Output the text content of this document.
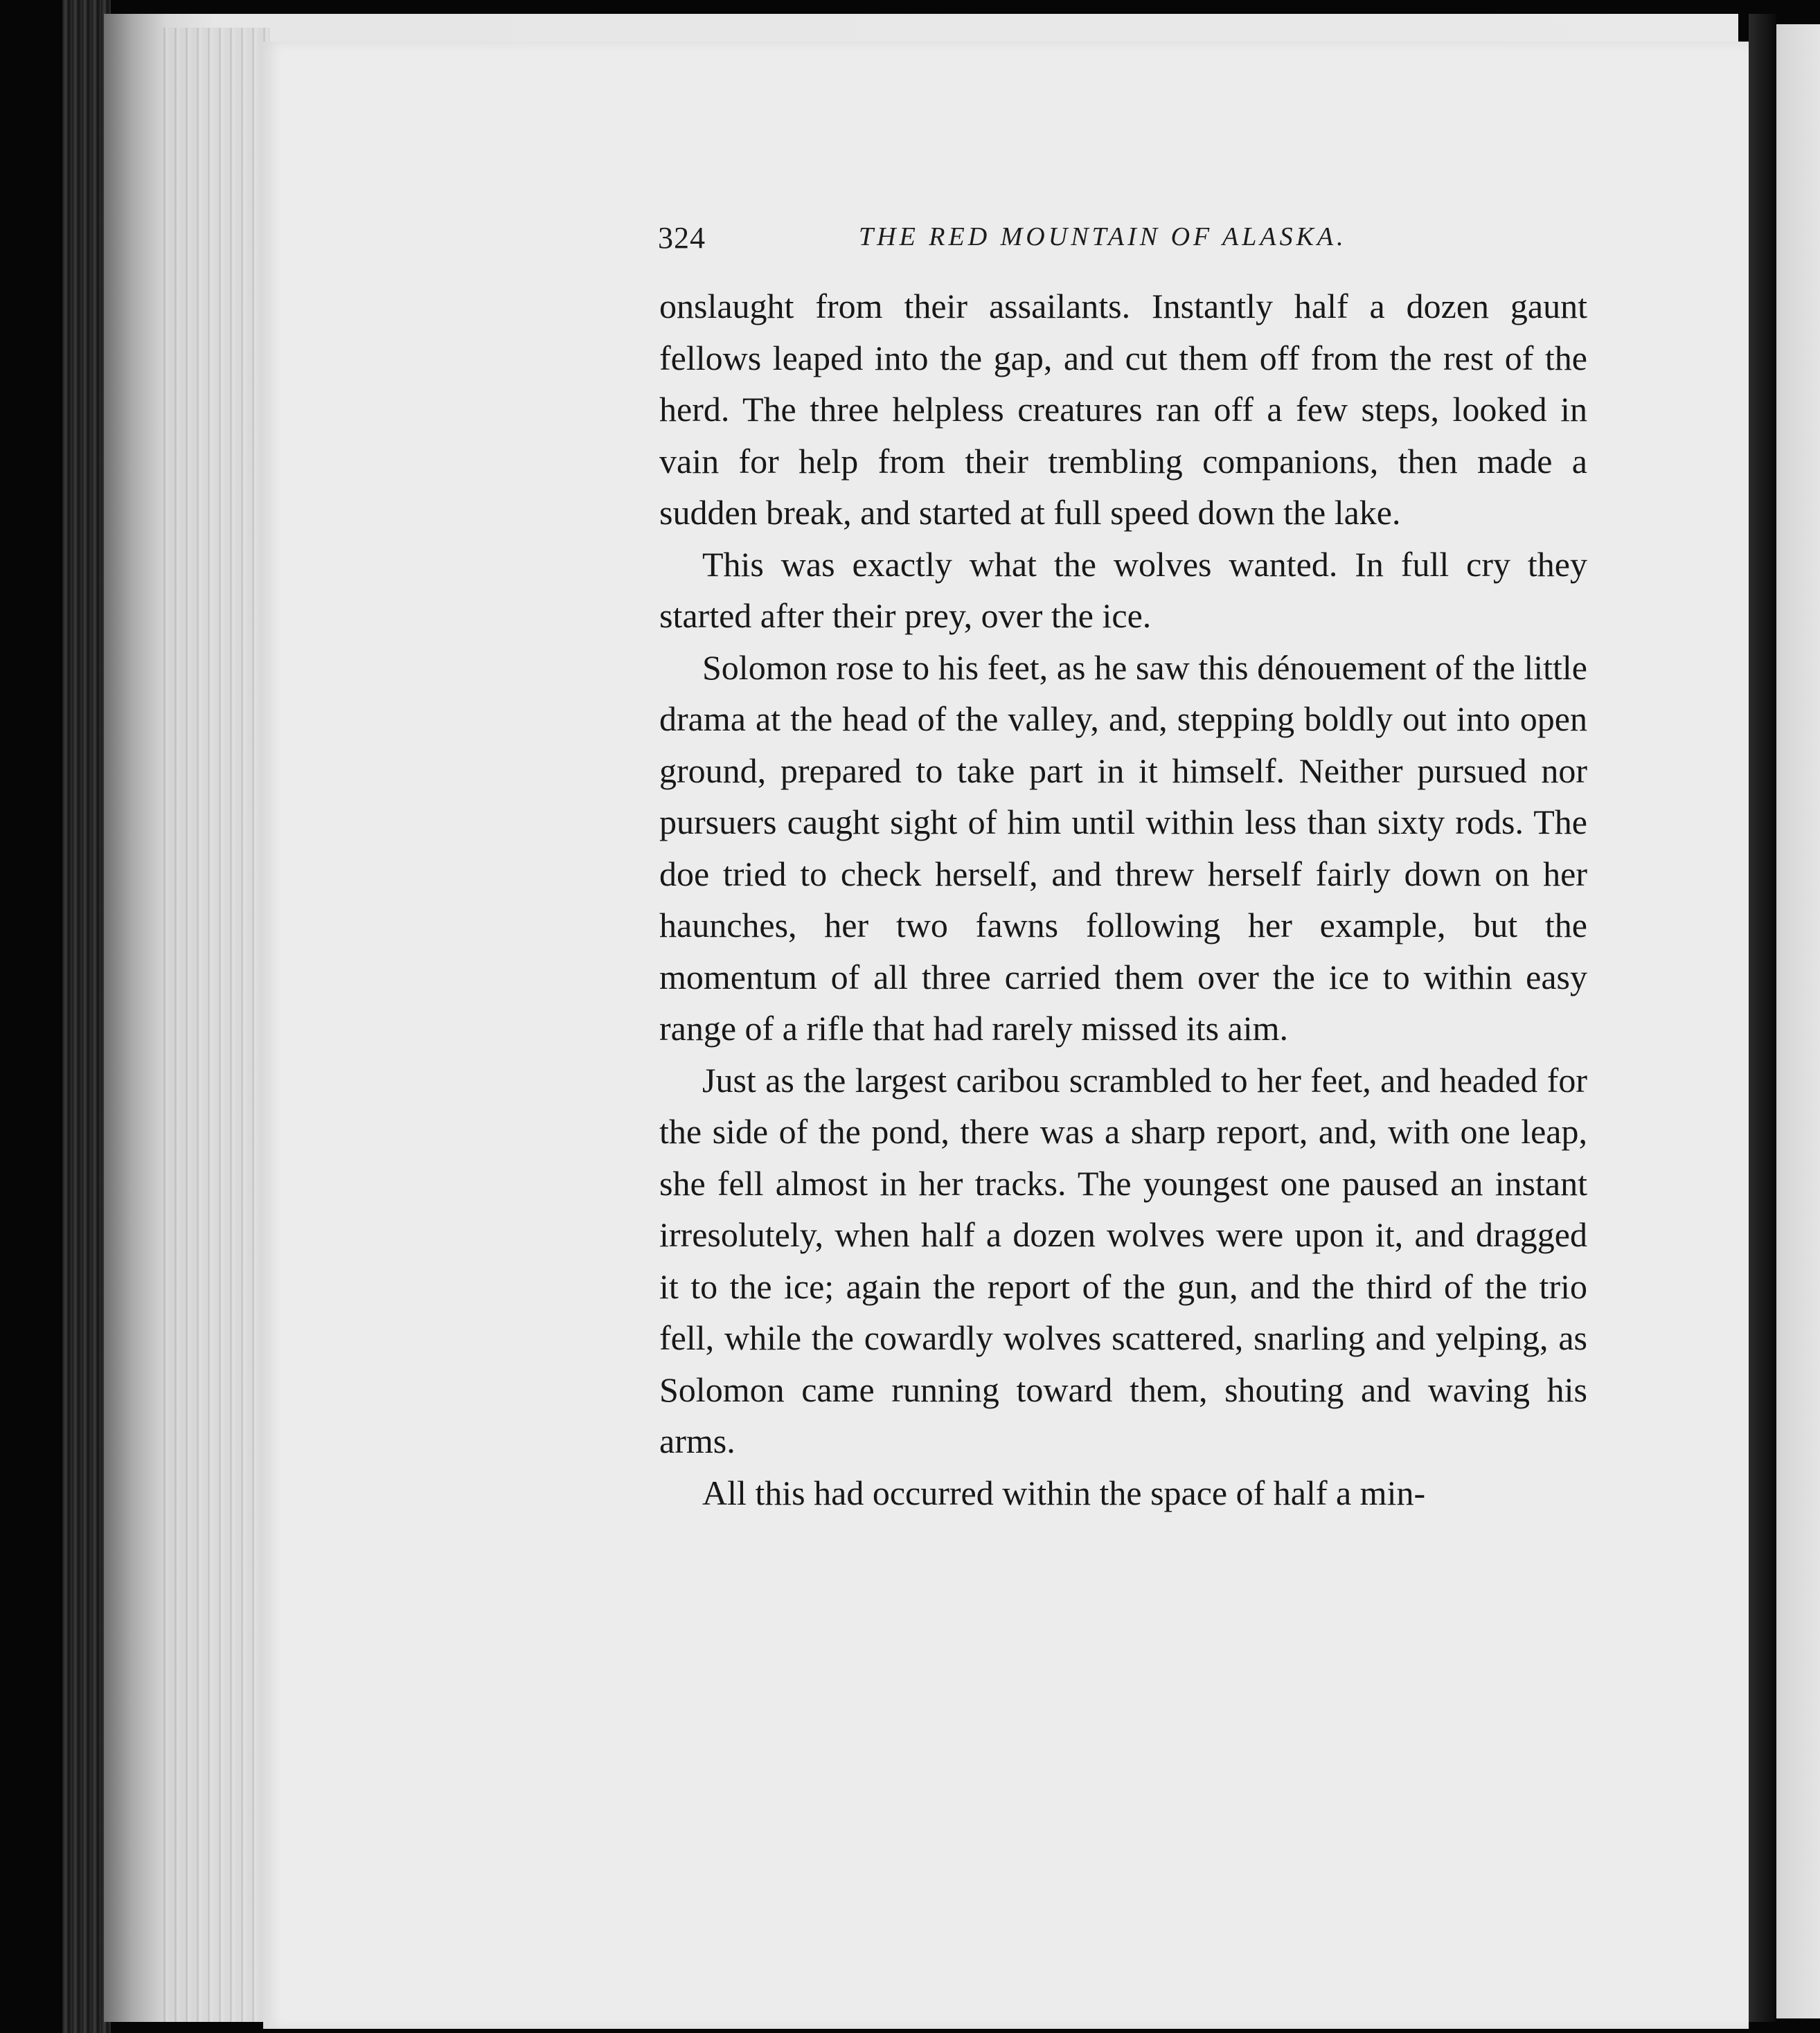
324	THE RED MOUNTAIN OF ALASKA.

onslaught from their assailants. Instantly half a dozen gaunt fellows leaped into the gap, and cut them off from the rest of the herd. The three helpless creatures ran off a few steps, looked in vain for help from their trembling companions, then made a sudden break, and started at full speed down the lake.

This was exactly what the wolves wanted. In full cry they started after their prey, over the ice.

Solomon rose to his feet, as he saw this dénouement of the little drama at the head of the valley, and, stepping boldly out into open ground, prepared to take part in it himself. Neither pursued nor pursuers caught sight of him until within less than sixty rods. The doe tried to check herself, and threw herself fairly down on her haunches, her two fawns following her example, but the momentum of all three carried them over the ice to within easy range of a rifle that had rarely missed its aim.

Just as the largest caribou scrambled to her feet, and headed for the side of the pond, there was a sharp report, and, with one leap, she fell almost in her tracks. The youngest one paused an instant irresolutely, when half a dozen wolves were upon it, and dragged it to the ice; again the report of the gun, and the third of the trio fell, while the cowardly wolves scattered, snarling and yelping, as Solomon came running toward them, shouting and waving his arms.

All this had occurred within the space of half a min-
